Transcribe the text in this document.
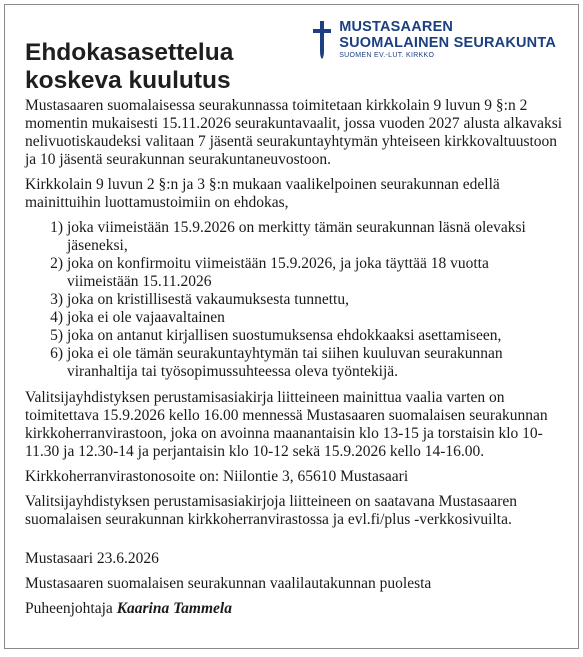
Ehdokasasettelua
koskeva kuulutus
MUSTASAAREN
SUOMALAINEN SEURAKUNTA
SUOMEN EV.-LUT. KIRKKO

Mustasaaren suomalaisessa seurakunnassa toimitetaan kirkkolain 9 luvun 9 §:n 2 momentin mukaisesti 15.11.2026 seurakuntavaalit, jossa vuoden 2027 alusta alkavaksi nelivuotiskaudeksi valitaan 7 jäsentä seurakuntayhtymän yhteiseen kirkkovaltuustoon ja 10 jäsentä seurakunnan seurakuntaneuvostoon.

Kirkkolain 9 luvun 2 §:n ja 3 §:n mukaan vaalikelpoinen seurakunnan edellä mainittuihin luottamustoimiin on ehdokas,

1) joka viimeistään 15.9.2026 on merkitty tämän seurakunnan läsnä olevaksi jäseneksi,
2) joka on konfirmoitu viimeistään 15.9.2026, ja joka täyttää 18 vuotta viimeistään 15.11.2026
3) joka on kristillisestä vakaumuksesta tunnettu,
4) joka ei ole vajaavaltainen
5) joka on antanut kirjallisen suostumuksensa ehdokkaaksi asettamiseen,
6) joka ei ole tämän seurakuntayhtymän tai siihen kuuluvan seurakunnan viranhaltija tai työsopimussuhteessa oleva työntekijä.

Valitsijayhdistyksen perustamisasiakirja liitteineen mainittua vaalia varten on toimitettava 15.9.2026 kello 16.00 mennessä Mustasaaren suomalaisen seurakunnan kirkkoherranvirastoon, joka on avoinna maanantaisin klo 13-15 ja torstaisin klo 10-11.30 ja 12.30-14 ja perjantaisin klo 10-12 sekä 15.9.2026 kello 14-16.00.

Kirkkoherranvirastonosoite on: Niilontie 3, 65610 Mustasaari

Valitsijayhdistyksen perustamisasiakirjoja liitteineen on saatavana Mustasaaren suomalaisen seurakunnan kirkkoherranvirastossa ja evl.fi/plus -verkkosivuilta.

Mustasaari 23.6.2026

Mustasaaren suomalaisen seurakunnan vaalilautakunnan puolesta

Puheenjohtaja Kaarina Tammela
